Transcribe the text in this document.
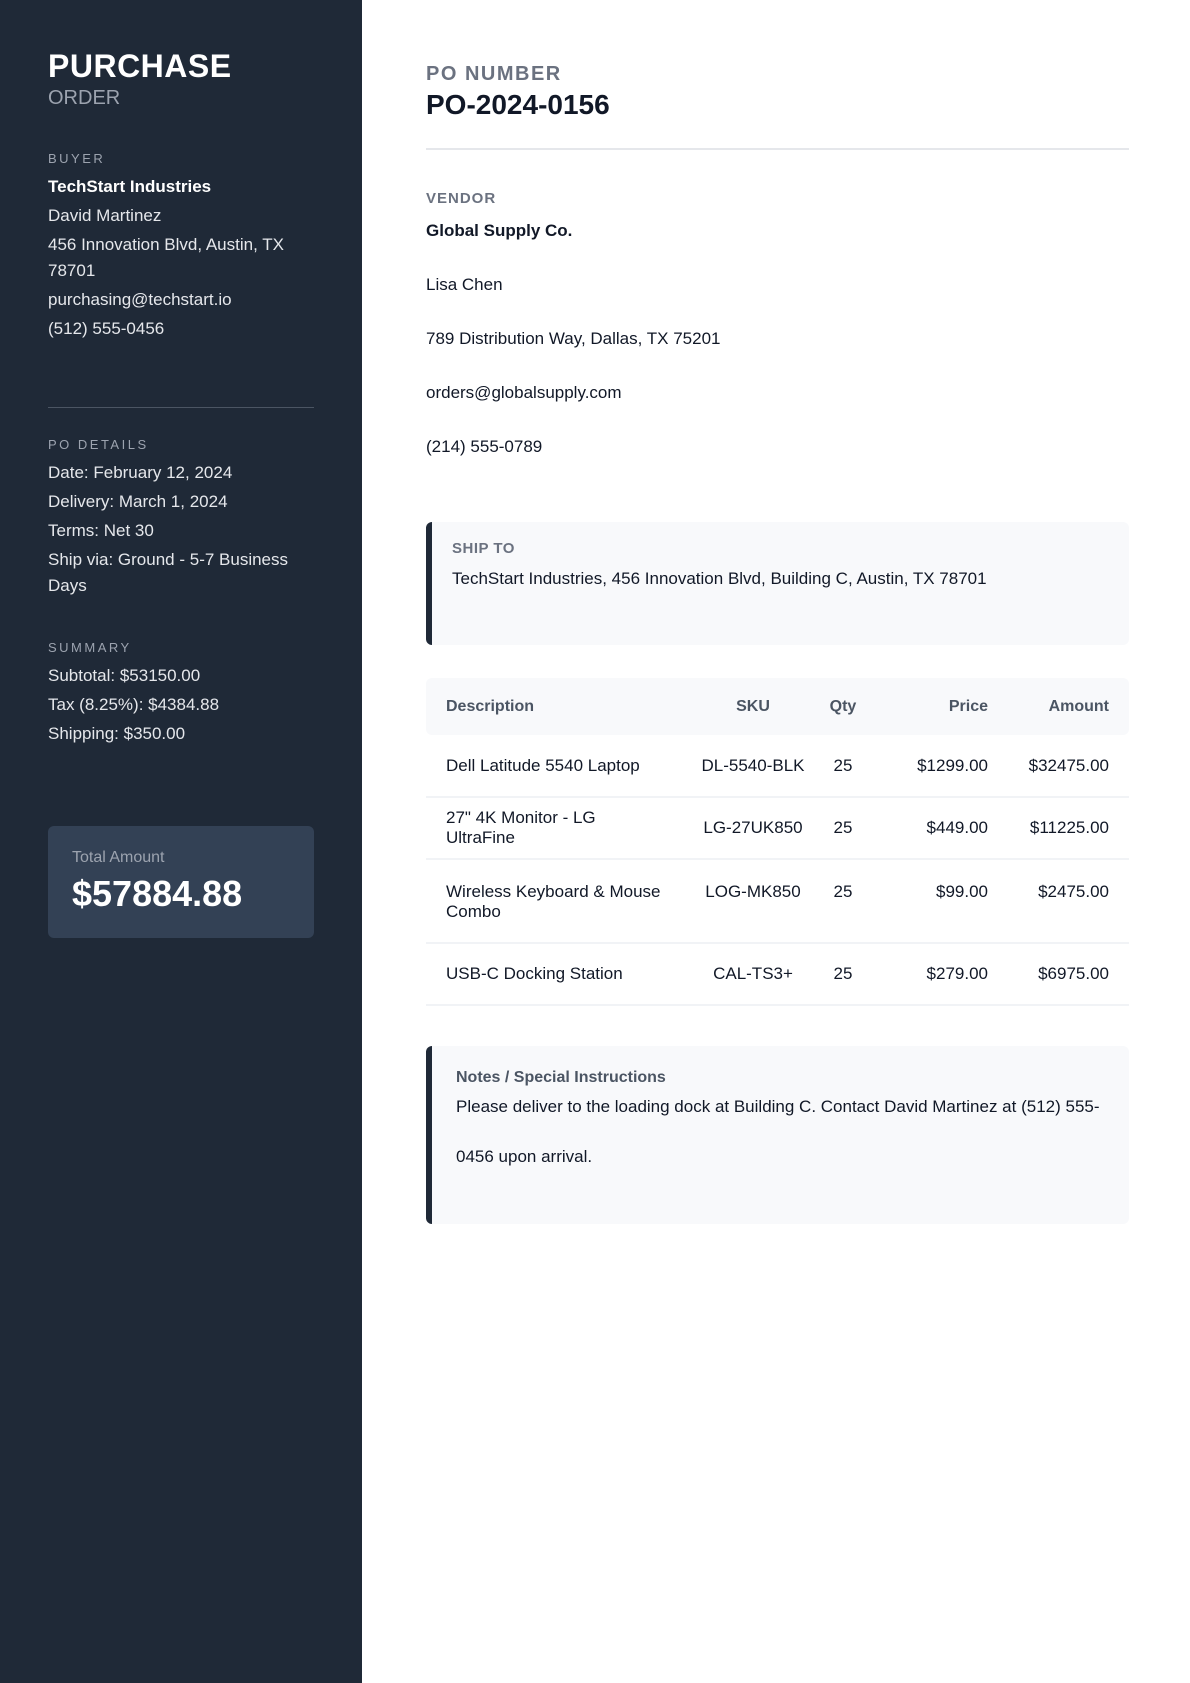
PURCHASE
ORDER
BUYER
TechStart Industries
David Martinez
456 Innovation Blvd, Austin, TX 78701
purchasing@techstart.io
(512) 555-0456
PO DETAILS
Date: February 12, 2024
Delivery: March 1, 2024
Terms: Net 30
Ship via: Ground - 5-7 Business Days
SUMMARY
Subtotal: $53150.00
Tax (8.25%): $4384.88
Shipping: $350.00
Total Amount
$57884.88
PO NUMBER
PO-2024-0156
VENDOR
Global Supply Co.
Lisa Chen
789 Distribution Way, Dallas, TX 75201
orders@globalsupply.com
(214) 555-0789
SHIP TO
TechStart Industries, 456 Innovation Blvd, Building C, Austin, TX 78701
Description	SKU	Qty	Price	Amount
Dell Latitude 5540 Laptop	DL-5540-BLK	25	$1299.00	$32475.00
27" 4K Monitor - LG UltraFine	LG-27UK850	25	$449.00	$11225.00
Wireless Keyboard & Mouse Combo	LOG-MK850	25	$99.00	$2475.00
USB-C Docking Station	CAL-TS3+	25	$279.00	$6975.00
Notes / Special Instructions
Please deliver to the loading dock at Building C. Contact David Martinez at (512) 555-0456 upon arrival.
